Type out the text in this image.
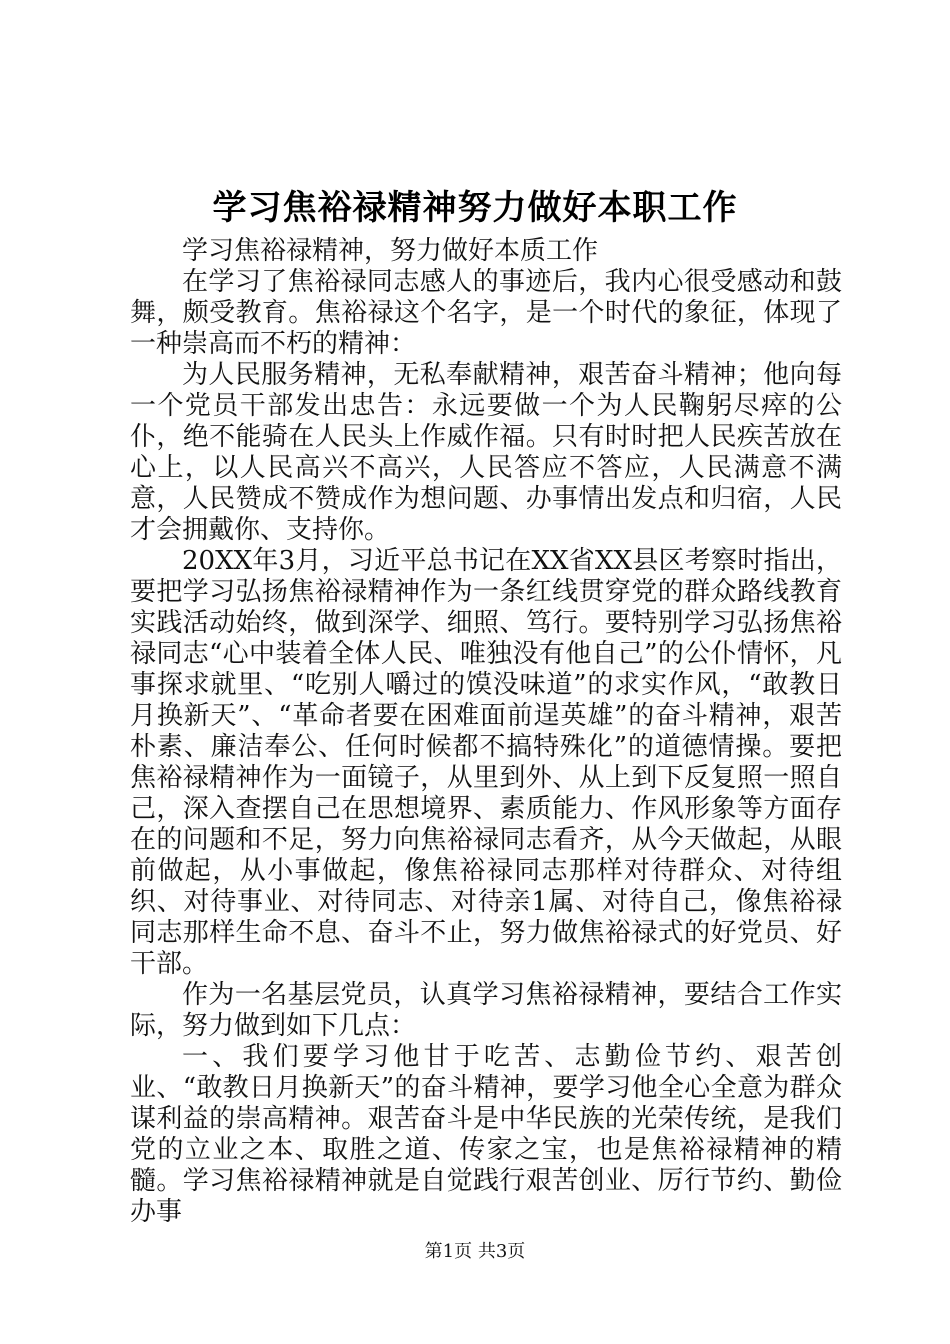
学习焦裕禄精神努力做好本职工作

学习焦裕禄精神，努力做好本质工作

在学习了焦裕禄同志感人的事迹后，我内心很受感动和鼓舞，颇受教育。焦裕禄这个名字，是一个时代的象征，体现了一种崇高而不朽的精神：

为人民服务精神，无私奉献精神，艰苦奋斗精神；他向每一个党员干部发出忠告：永远要做一个为人民鞠躬尽瘁的公仆，绝不能骑在人民头上作威作福。只有时时把人民疾苦放在心上，以人民高兴不高兴，人民答应不答应，人民满意不满意，人民赞成不赞成作为想问题、办事情出发点和归宿，人民才会拥戴你、支持你。

20XX年3月，习近平总书记在XX省XX县区考察时指出，要把学习弘扬焦裕禄精神作为一条红线贯穿党的群众路线教育实践活动始终，做到深学、细照、笃行。要特别学习弘扬焦裕禄同志“心中装着全体人民、唯独没有他自己”的公仆情怀，凡事探求就里、“吃别人嚼过的馍没味道”的求实作风，“敢教日月换新天”、“革命者要在困难面前逞英雄”的奋斗精神，艰苦朴素、廉洁奉公、任何时候都不搞特殊化”的道德情操。要把焦裕禄精神作为一面镜子，从里到外、从上到下反复照一照自己，深入查摆自己在思想境界、素质能力、作风形象等方面存在的问题和不足，努力向焦裕禄同志看齐，从今天做起，从眼前做起，从小事做起，像焦裕禄同志那样对待群众、对待组织、对待事业、对待同志、对待亲1属、对待自己，像焦裕禄同志那样生命不息、奋斗不止，努力做焦裕禄式的好党员、好干部。

作为一名基层党员，认真学习焦裕禄精神，要结合工作实际，努力做到如下几点：

一、我们要学习他甘于吃苦、志勤俭节约、艰苦创业、“敢教日月换新天”的奋斗精神，要学习他全心全意为群众谋利益的崇高精神。艰苦奋斗是中华民族的光荣传统，是我们党的立业之本、取胜之道、传家之宝，也是焦裕禄精神的精髓。学习焦裕禄精神就是自觉践行艰苦创业、厉行节约、勤俭办事

第1页 共3页
